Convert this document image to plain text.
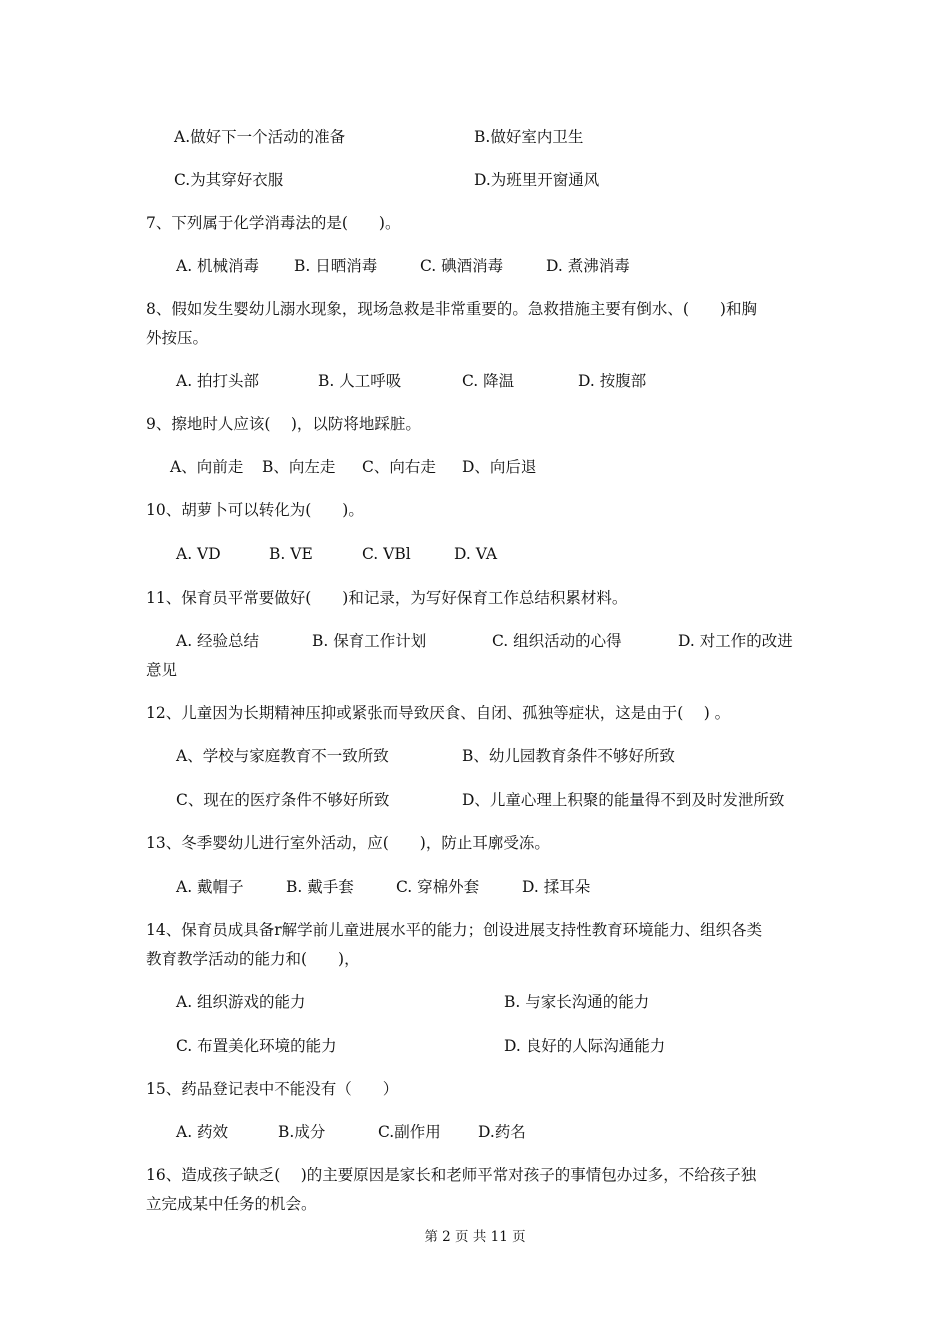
A.做好下一个活动的准备	B.做好室内卫生
C.为其穿好衣服	D.为班里开窗通风
7、下列属于化学消毒法的是(　　)。
A. 机械消毒 B. 日晒消毒	C. 碘酒消毒	D. 煮沸消毒
8、假如发生婴幼儿溺水现象，现场急救是非常重要的。急救措施主要有倒水、(　　)和胸
外按压。
A. 拍打头部	B. 人工呼吸	C. 降温	D. 按腹部
9、擦地时人应该(　 )，以防将地踩脏。
A、向前走 B、向左走 C、向右走 D、向后退
10、胡萝卜可以转化为(　　)。
A. VD	B. VE	C. VBl	D. VA
11、保育员平常要做好(　　)和记录，为写好保育工作总结积累材料。
A. 经验总结	B. 保育工作计划	C. 组织活动的心得	D. 对工作的改进
意见
12、儿童因为长期精神压抑或紧张而导致厌食、自闭、孤独等症状，这是由于(　 ) 。
A、学校与家庭教育不一致所致	B、幼儿园教育条件不够好所致
C、现在的医疗条件不够好所致	D、儿童心理上积聚的能量得不到及时发泄所致
13、冬季婴幼儿进行室外活动，应(　　)，防止耳廓受冻。
A. 戴帽子	B. 戴手套	C. 穿棉外套	D. 揉耳朵
14、保育员成具备r解学前儿童进展水平的能力；创设进展支持性教育环境能力、组织各类
教育教学活动的能力和(　　)，
A. 组织游戏的能力	B. 与家长沟通的能力
C. 布置美化环境的能力	D. 良好的人际沟通能力
15、药品登记表中不能没有（　　）
A. 药效	B.成分	C.副作用 D.药名
16、造成孩子缺乏(　 )的主要原因是家长和老师平常对孩子的事情包办过多，不给孩子独
立完成某中任务的机会。
第 2 页 共 11 页
